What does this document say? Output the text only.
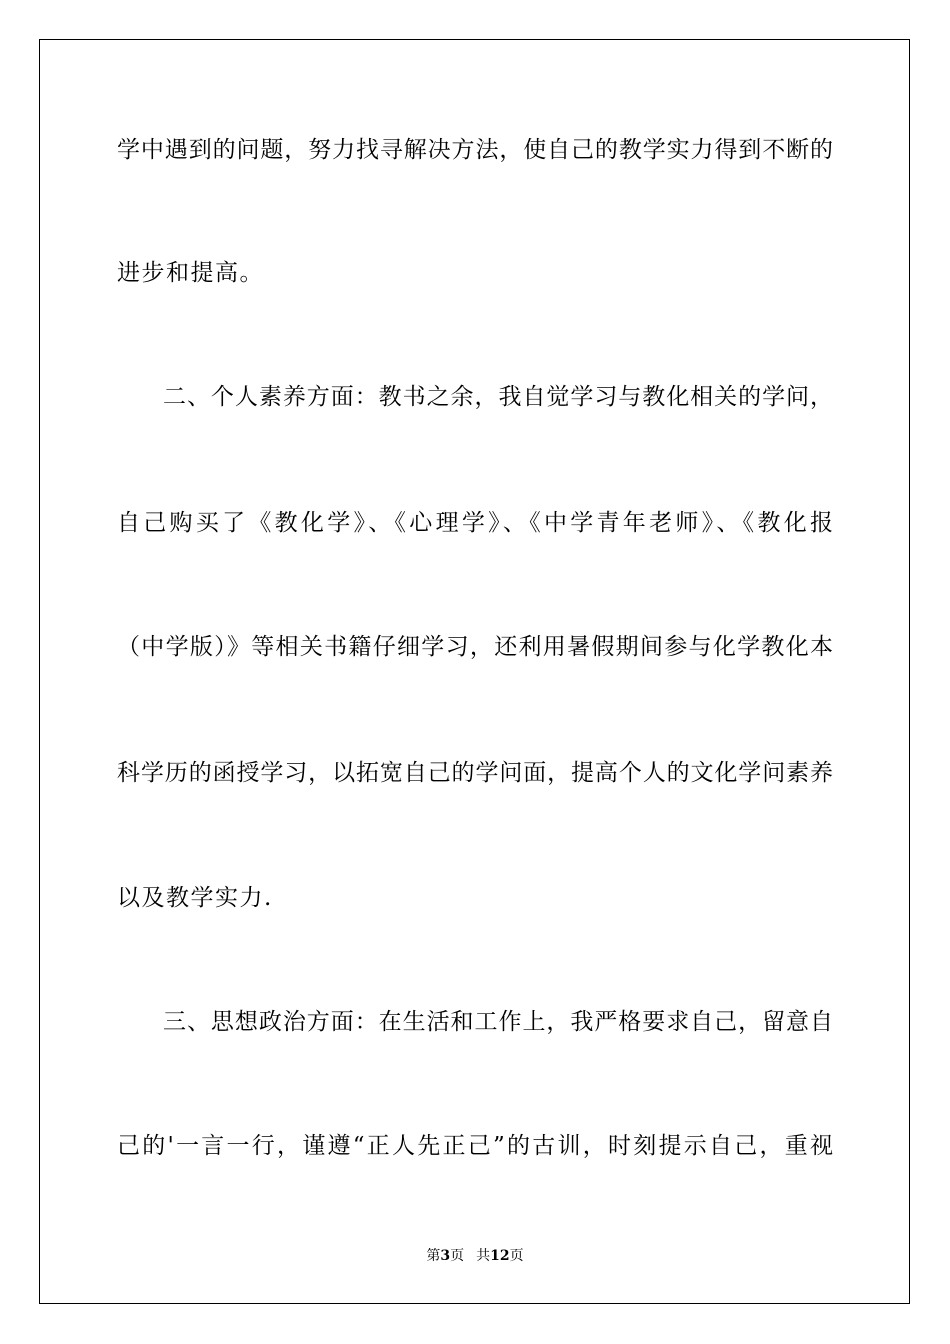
学中遇到的问题，努力找寻解决方法，使自己的教学实力得到不断的
进步和提高。
二、个人素养方面：教书之余，我自觉学习与教化相关的学问，
自己购买了《教化学》、《心理学》、《中学青年老师》、《教化报
（中学版）》等相关书籍仔细学习，还利用暑假期间参与化学教化本
科学历的函授学习，以拓宽自己的学问面，提高个人的文化学问素养
以及教学实力.
三、思想政治方面：在生活和工作上，我严格要求自己，留意自
己的'一言一行，谨遵“正人先正己”的古训，时刻提示自己，重视
第3页 共12页
